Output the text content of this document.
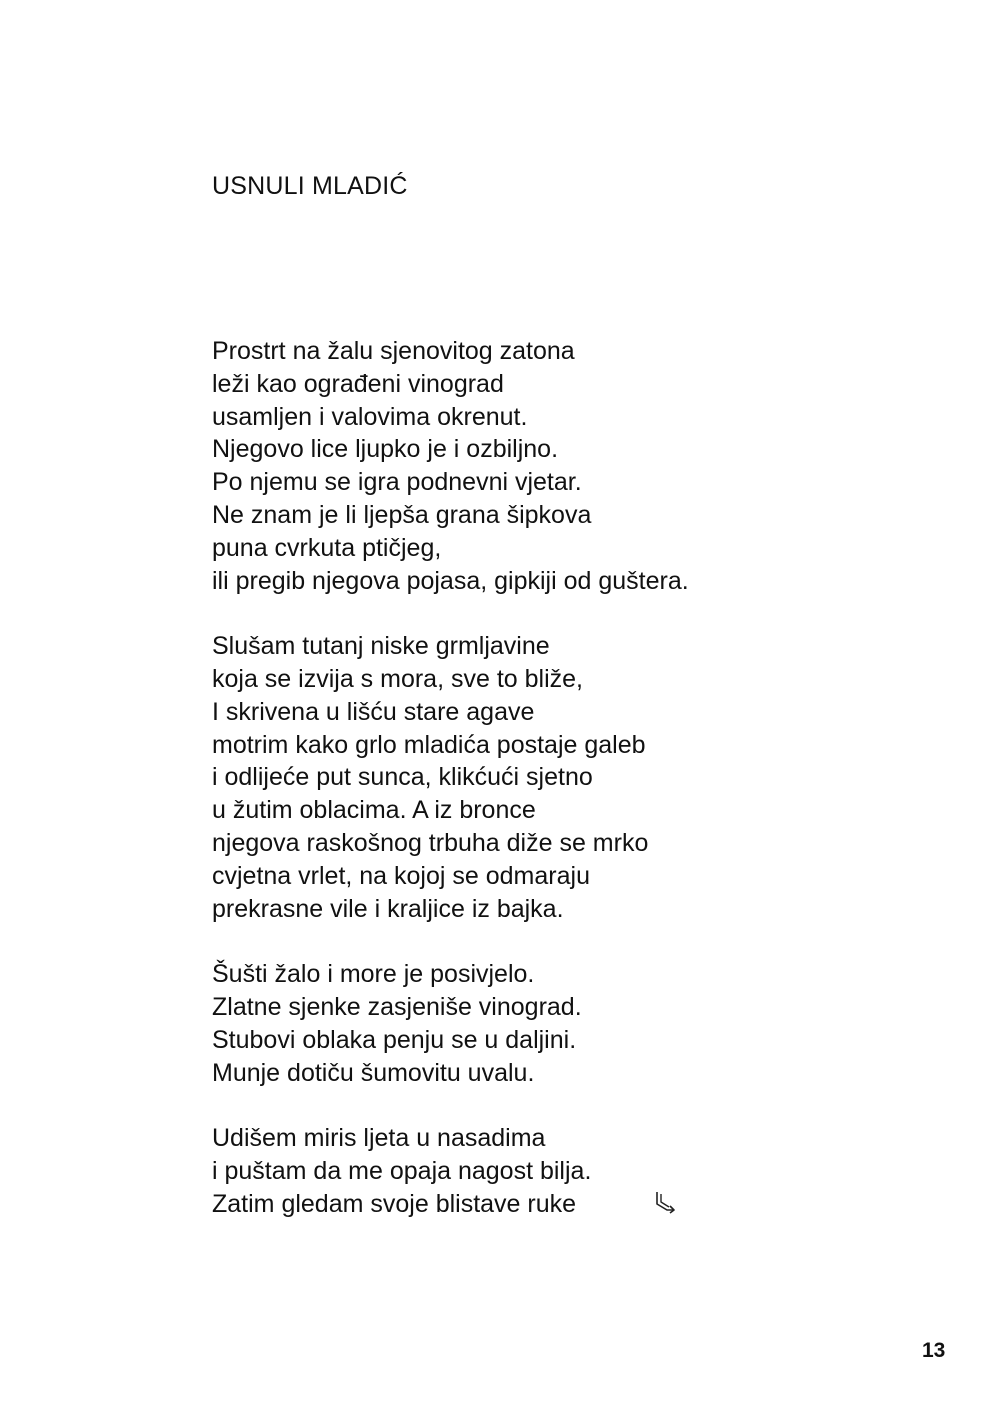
USNULI MLADIĆ
Prostrt na žalu sjenovitog zatona
leži kao ograđeni vinograd
usamljen i valovima okrenut.
Njegovo lice ljupko je i ozbiljno.
Po njemu se igra podnevni vjetar.
Ne znam je li ljepša grana šipkova
puna cvrkuta ptičjeg,
ili pregib njegova pojasa, gipkiji od guštera.
Slušam tutanj niske grmljavine
koja se izvija s mora, sve to bliže,
I skrivena u lišću stare agave
motrim kako grlo mladića postaje galeb
i odlijeće put sunca, klikćući sjetno
u žutim oblacima. A iz bronce
njegova raskošnog trbuha diže se mrko
cvjetna vrlet, na kojoj se odmaraju
prekrasne vile i kraljice iz bajka.
Šušti žalo i more je posivjelo.
Zlatne sjenke zasjeniše vinograd.
Stubovi oblaka penju se u daljini.
Munje dotiču šumovitu uvalu.
Udišem miris ljeta u nasadima
i puštam da me opaja nagost bilja.
Zatim gledam svoje blistave ruke
13
